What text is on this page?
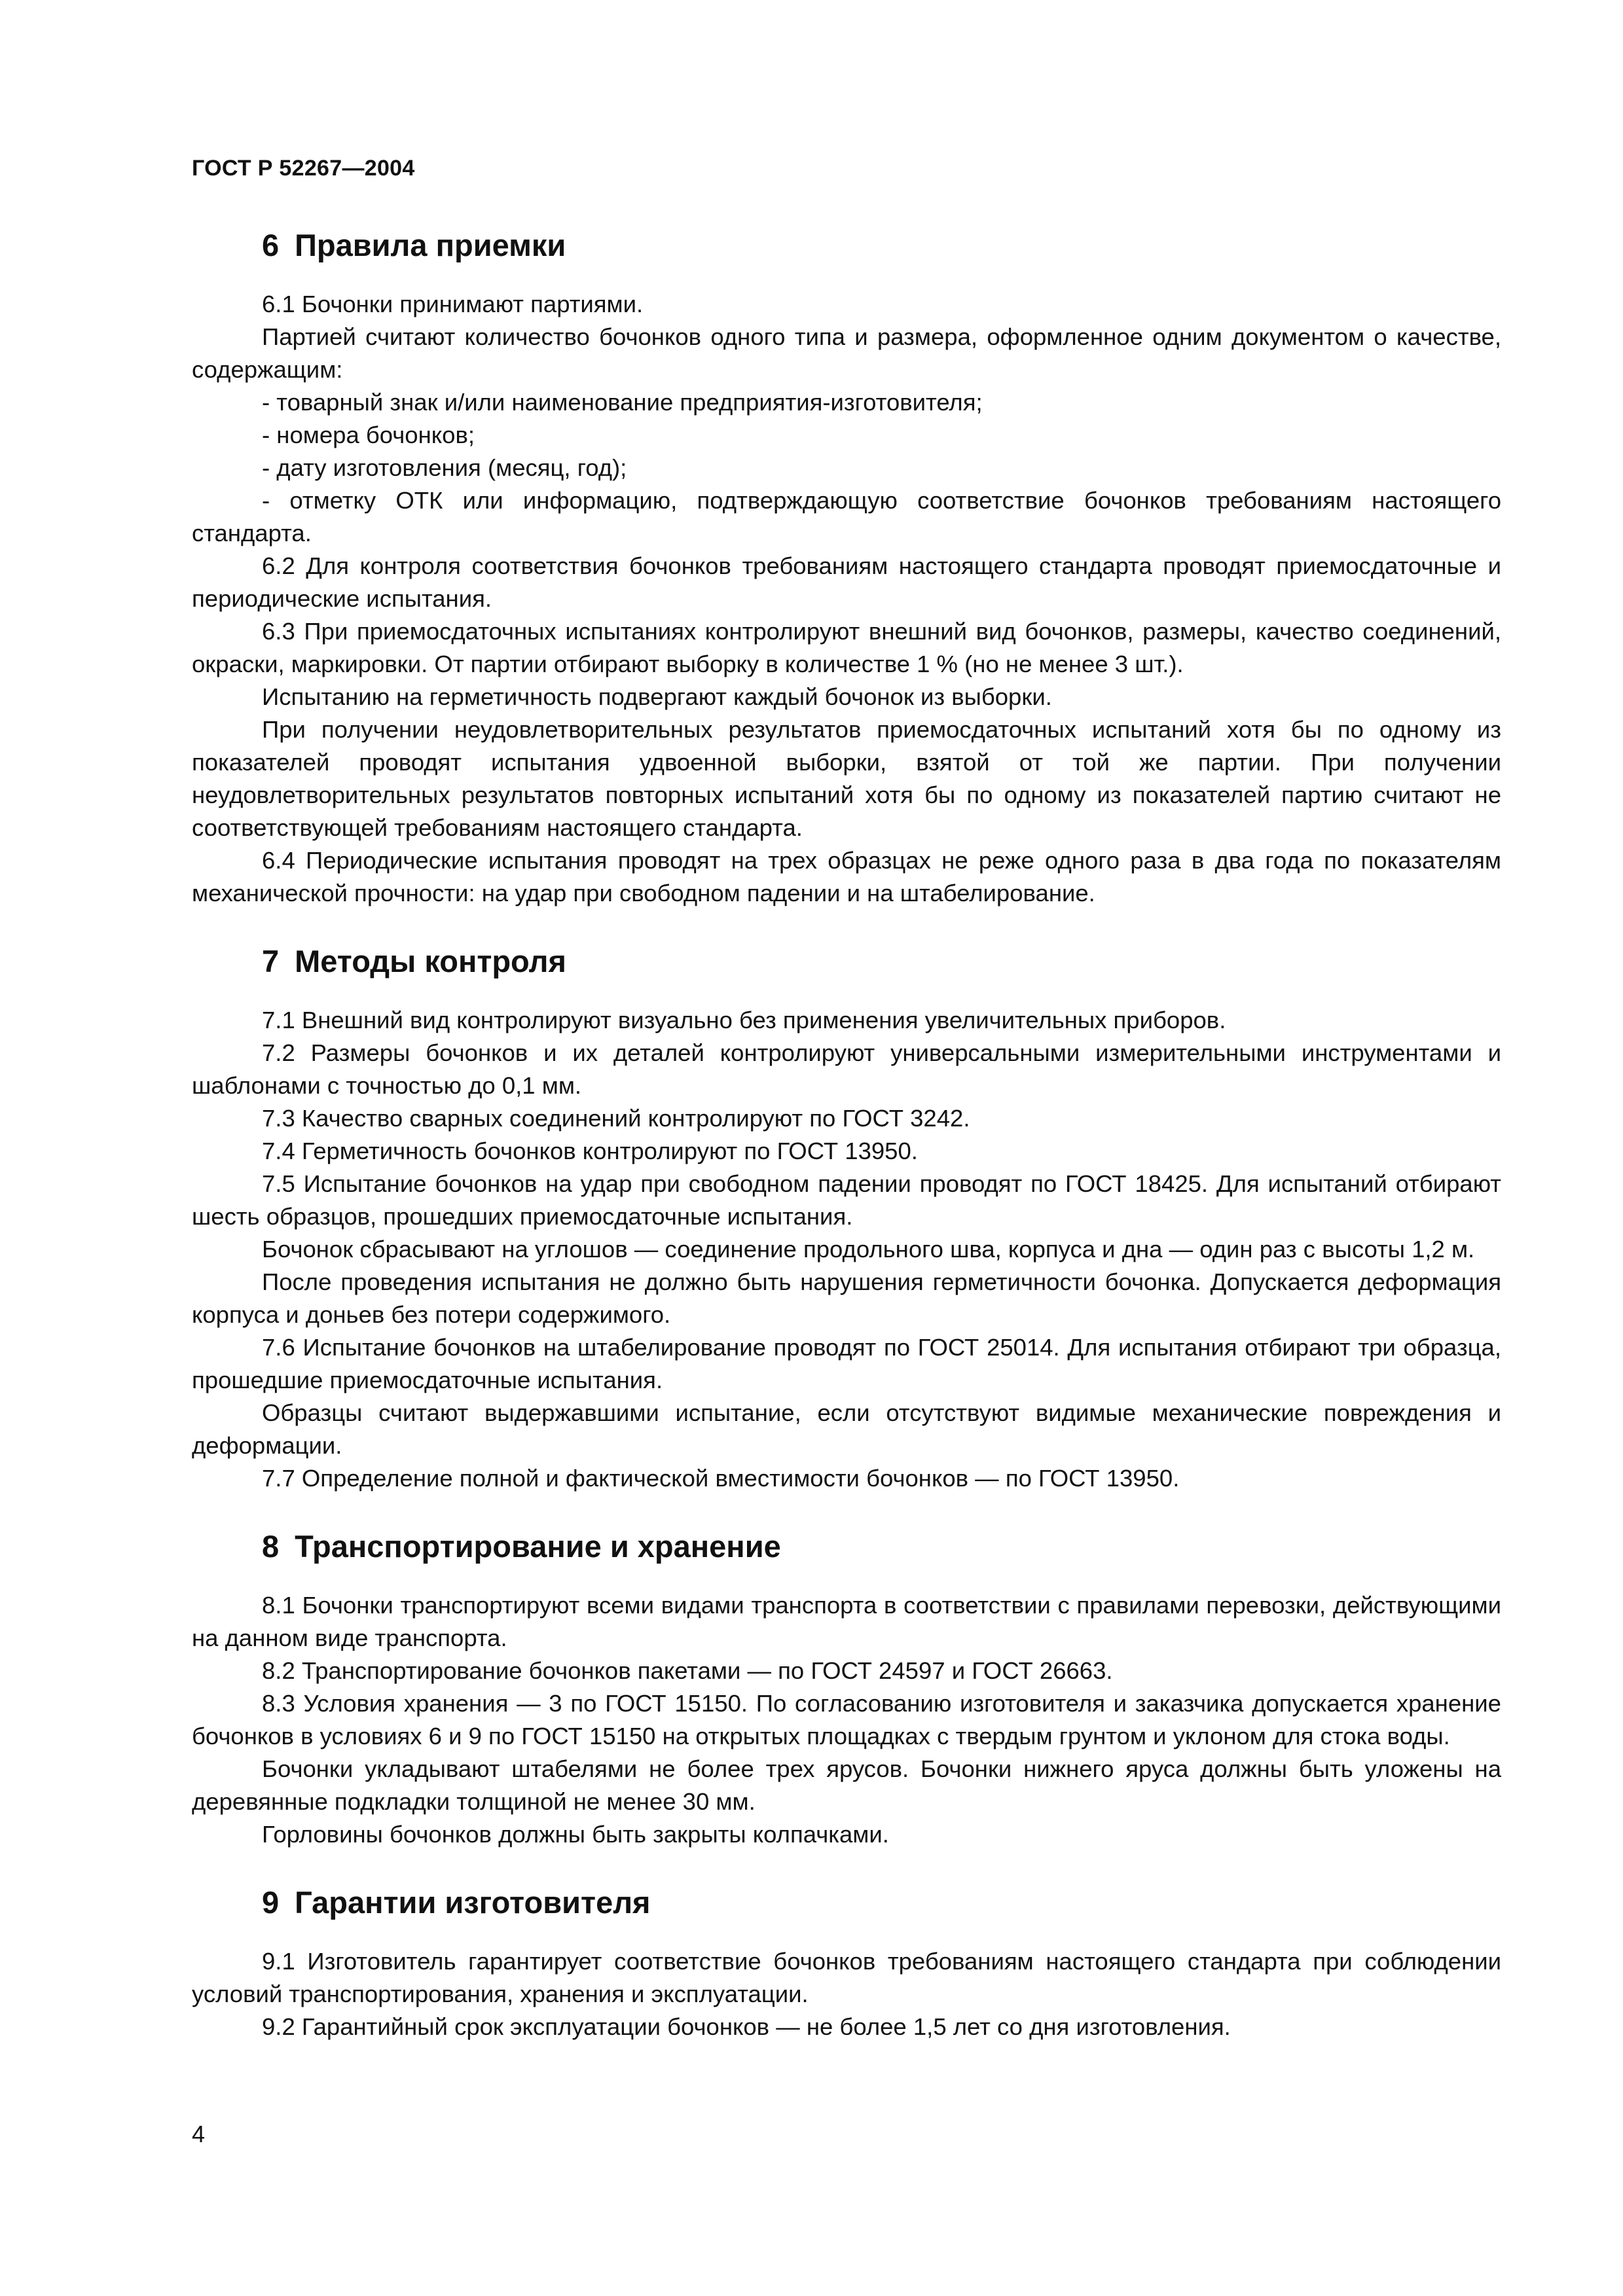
ГОСТ Р 52267—2004
6 Правила приемки

6.1 Бочонки принимают партиями.

Партией считают количество бочонков одного типа и размера, оформленное одним документом о качестве, содержащим:

- товарный знак и/или наименование предприятия-изготовителя;

- номера бочонков;

- дату изготовления (месяц, год);

- отметку ОТК или информацию, подтверждающую соответствие бочонков требованиям настоящего стандарта.

6.2 Для контроля соответствия бочонков требованиям настоящего стандарта проводят приемосдаточные и периодические испытания.

6.3 При приемосдаточных испытаниях контролируют внешний вид бочонков, размеры, качество соединений, окраски, маркировки. От партии отбирают выборку в количестве 1 % (но не менее 3 шт.).

Испытанию на герметичность подвергают каждый бочонок из выборки.

При получении неудовлетворительных результатов приемосдаточных испытаний хотя бы по одному из показателей проводят испытания удвоенной выборки, взятой от той же партии. При получении неудовлетворительных результатов повторных испытаний хотя бы по одному из показателей партию считают не соответствующей требованиям настоящего стандарта.

6.4 Периодические испытания проводят на трех образцах не реже одного раза в два года по показателям механической прочности: на удар при свободном падении и на штабелирование.

7 Методы контроля

7.1 Внешний вид контролируют визуально без применения увеличительных приборов.

7.2 Размеры бочонков и их деталей контролируют универсальными измерительными инструментами и шаблонами с точностью до 0,1 мм.

7.3 Качество сварных соединений контролируют по ГОСТ 3242.

7.4 Герметичность бочонков контролируют по ГОСТ 13950.

7.5 Испытание бочонков на удар при свободном падении проводят по ГОСТ 18425. Для испытаний отбирают шесть образцов, прошедших приемосдаточные испытания.

Бочонок сбрасывают на углошов — соединение продольного шва, корпуса и дна — один раз с высоты 1,2 м.

После проведения испытания не должно быть нарушения герметичности бочонка. Допускается деформация корпуса и доньев без потери содержимого.

7.6 Испытание бочонков на штабелирование проводят по ГОСТ 25014. Для испытания отбирают три образца, прошедшие приемосдаточные испытания.

Образцы считают выдержавшими испытание, если отсутствуют видимые механические повреждения и деформации.

7.7 Определение полной и фактической вместимости бочонков — по ГОСТ 13950.

8 Транспортирование и хранение

8.1 Бочонки транспортируют всеми видами транспорта в соответствии с правилами перевозки, действующими на данном виде транспорта.

8.2 Транспортирование бочонков пакетами — по ГОСТ 24597 и ГОСТ 26663.

8.3 Условия хранения — 3 по ГОСТ 15150. По согласованию изготовителя и заказчика допускается хранение бочонков в условиях 6 и 9 по ГОСТ 15150 на открытых площадках с твердым грунтом и уклоном для стока воды.

Бочонки укладывают штабелями не более трех ярусов. Бочонки нижнего яруса должны быть уложены на деревянные подкладки толщиной не менее 30 мм.

Горловины бочонков должны быть закрыты колпачками.

9 Гарантии изготовителя

9.1 Изготовитель гарантирует соответствие бочонков требованиям настоящего стандарта при соблюдении условий транспортирования, хранения и эксплуатации.

9.2 Гарантийный срок эксплуатации бочонков — не более 1,5 лет со дня изготовления.

4
